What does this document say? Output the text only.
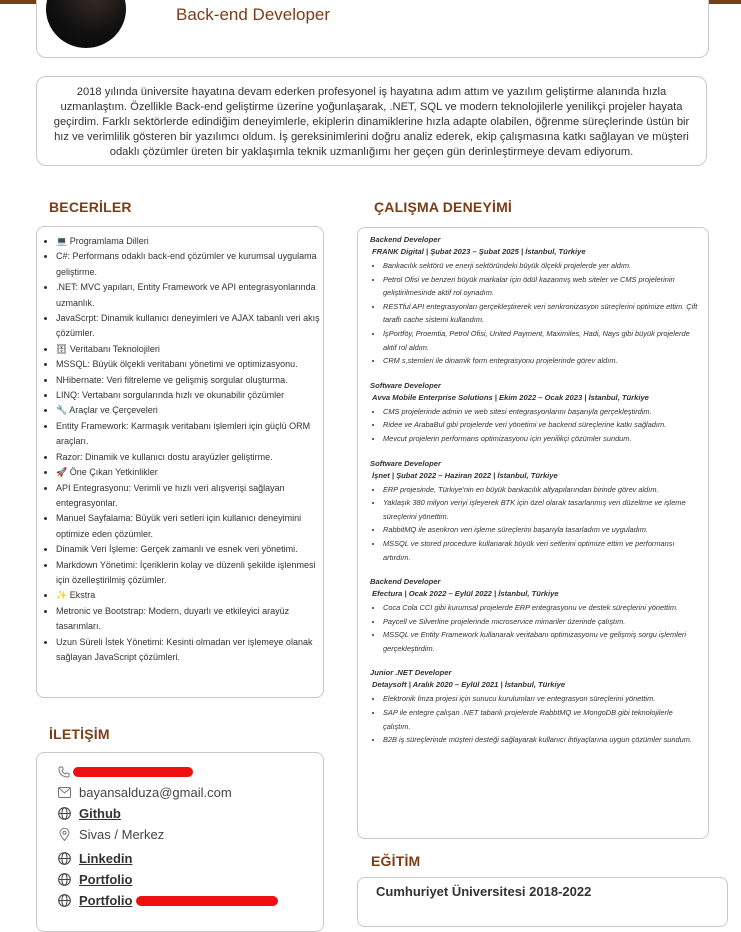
Back-end Developer
2018 yılında üniversite hayatına devam ederken profesyonel iş hayatına adım attım ve yazılım geliştirme alanında hızla uzmanlaştım. Özellikle Back-end geliştirme üzerine yoğunlaşarak, .NET, SQL ve modern teknolojilerle yenilikçi projeler hayata geçirdim. Farklı sektörlerde edindiğim deneyimlerle, ekiplerin dinamiklerine hızla adapte olabilen, öğrenme süreçlerinde üstün bir hız ve verimlilik gösteren bir yazılımcı oldum. İş gereksinimlerini doğru analiz ederek, ekip çalışmasına katkı sağlayan ve müşteri odaklı çözümler üreten bir yaklaşımla teknik uzmanlığımı her geçen gün derinleştirmeye devam ediyorum.
BECERİLER
• 💻 Programlama Dilleri
• C#: Performans odaklı back-end çözümler ve kurumsal uygulama geliştirme.
• .NET: MVC yapıları, Entity Framework ve API entegrasyonlarında uzmanlık.
• JavaScrpt: Dinamik kullanıcı deneyimleri ve AJAX tabanlı veri akış çözümler.
• 🗄 Veritabanı Teknolojileri
• MSSQL: Büyük ölçekli veritabanı yönetimi ve optimizasyonu.
• NHibernate: Veri filtreleme ve gelişmiş sorgular oluşturma.
• LINQ: Vertabanı sorgularında hızlı ve okunabilir çözümler
• 🔧 Araçlar ve Çerçeveleri
• Entity Framework: Karmaşık veritabanı işlemleri için güçlü ORM araçları.
• Razor: Dinamik ve kullanıcı dostu arayüzler geliştirme.
• 🚀 Öne Çıkan Yetkinlikler
• API Entegrasyonu: Verimli ve hızlı veri alışverişi sağlayan entegrasyonlar.
• Manuel Sayfalama: Büyük veri setleri için kullanıcı deneyimini optimize eden çözümler.
• Dinamik Veri İşleme: Gerçek zamanlı ve esnek veri yönetimi.
• Markdown Yönetimi: İçeriklerin kolay ve düzenli şekilde işlenmesi için özelleştirilmiş çözümler.
• ✨ Ekstra
• Metronic ve Bootstrap: Modern, duyarlı ve etkileyici arayüz tasarımları.
• Uzun Süreli İstek Yönetimi: Kesinti olmadan ver işlemeye olanak sağlayan JavaScript çözümleri.
ÇALIŞMA DENEYİMİ
Backend Developer
FRANK Digital | Şubat 2023 – Şubat 2025 | İstanbul, Türkiye
• Bankacılık sektörü ve enerji sektöründeki büyük ölçekli projelerde yer aldım.
• Petrol Ofisi ve benzeri büyük markalar için ödül kazanmış web siteler ve CMS projelerinin geliştirilmesinde aktif rol oynadım.
• RESTful API entegrasyonları gerçekleştirerek veri senkronizasyon süreçlerini optimize ettim. Çift taraflı cache sistemi kullandım.
• İşPortföy, Proemtia, Petrol Ofisi, United Payment, Maximiles, Hadi, Nays gibi büyük projelerde aktif rol aldım.
• CRM s,stemleri ile dinamik form entegrasyonu projelerinde görev aldım.
Software Developer
Avva Mobile Enterprise Solutions | Ekim 2022 – Ocak 2023 | İstanbul, Türkiye
• CMS projelerinde admin ve web sitesi entegrasyonlarını başarıyla gerçekleştirdim.
• Ridee ve ArabaBul gibi projelerde veri yönetimi ve backend süreçlerine katkı sağladım.
• Mevcut projelerin performans optimizasyonu için yenilikçi çözümler sundum.
Software Developer
İşnet | Şubat 2022 – Haziran 2022 | İstanbul, Türkiye
• ERP projesinde, Türkiye'nin en büyük bankacılık altyapılarından birinde görev aldım.
• Yaklaşık 380 milyon veriyi işleyerek BTK için özel olarak tasarlanmış veri düzeltme ve işleme süreçlerini yönettim.
• RabbitMQ ile asenkron veri işleme süreçlerini başarıyla tasarladım ve uyguladım.
• MSSQL ve stored procedure kullanarak büyük veri setlerini optimize ettim ve performansı artırdım.
Backend Developer
Efectura | Ocak 2022 – Eylül 2022 | İstanbul, Türkiye
• Coca Cola CCI gibi kurumsal projelerde ERP entegrasyonu ve destek süreçlerini yönettim.
• Paycell ve Silverline projelerinde microservice mimariler üzerinde çalıştım.
• MSSQL ve Entity Framework kullanarak veritabanı optimizasyonu ve gelişmiş sorgu işlemleri gerçekleştirdim.
Junior .NET Developer
Detaysoft | Aralık 2020 – Eylül 2021 | İstanbul, Türkiye
• Elektronik İmza projesi için sunucu kurulumları ve entegrasyon süreçlerini yönettim.
• SAP ile entegre çalışan .NET tabanlı projelerde RabbtMQ ve MongoDB gibi teknolojilerle çalıştım.
• B2B iş süreçlerinde müşteri desteği sağlayarak kullanıcı ihtiyaçlarına uygun çözümler sundum.
İLETİŞİM
bayansalduza@gmail.com
Github
Sivas / Merkez
Linkedin
Portfolio
Portfolio
EĞİTİM
Cumhuriyet Üniversitesi 2018-2022
